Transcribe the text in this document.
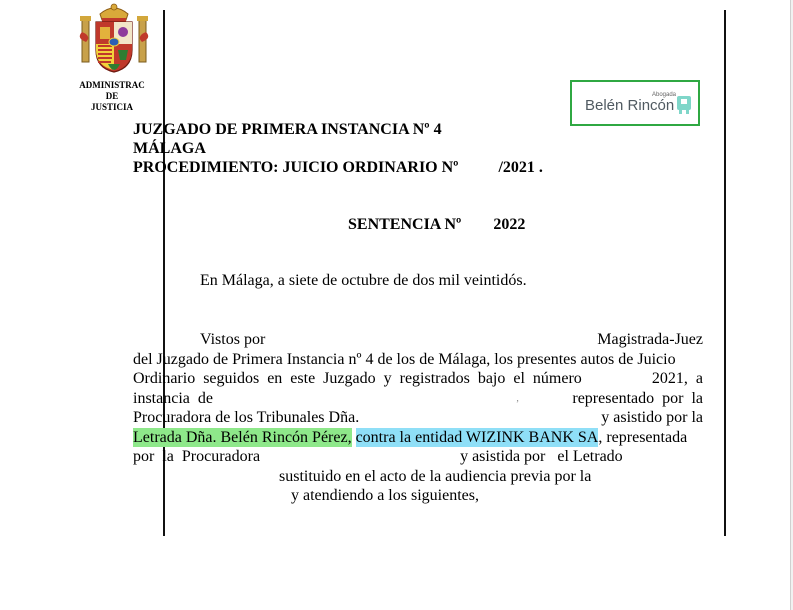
ADMINISTRAC
DE
JUSTICIA
Abogada
Belén Rincón
JUZGADO DE PRIMERA INSTANCIA Nº 4
MÁLAGA
PROCEDIMIENTO: JUICIO ORDINARIO Nº          /2021 .
SENTENCIA Nº        2022
En Málaga, a siete de octubre de dos mil veintidós.
Vistos por	Magistrada-Juez
del Juzgado de Primera Instancia nº 4 de los de Málaga, los presentes autos de Juicio
Ordinario  seguidos  en  este  Juzgado  y  registrados  bajo  el  número	2021,  a
instancia  de	,	representado  por  la
Procuradora de los Tribunales Dña.	y asistido por la
Letrada Dña. Belén Rincón Pérez, contra la entidad WIZINK BANK SA , representada
por  la  Procuradora	y asistida por   el Letrado
sustituido en el acto de la audiencia previa por la
y atendiendo a los siguientes,
